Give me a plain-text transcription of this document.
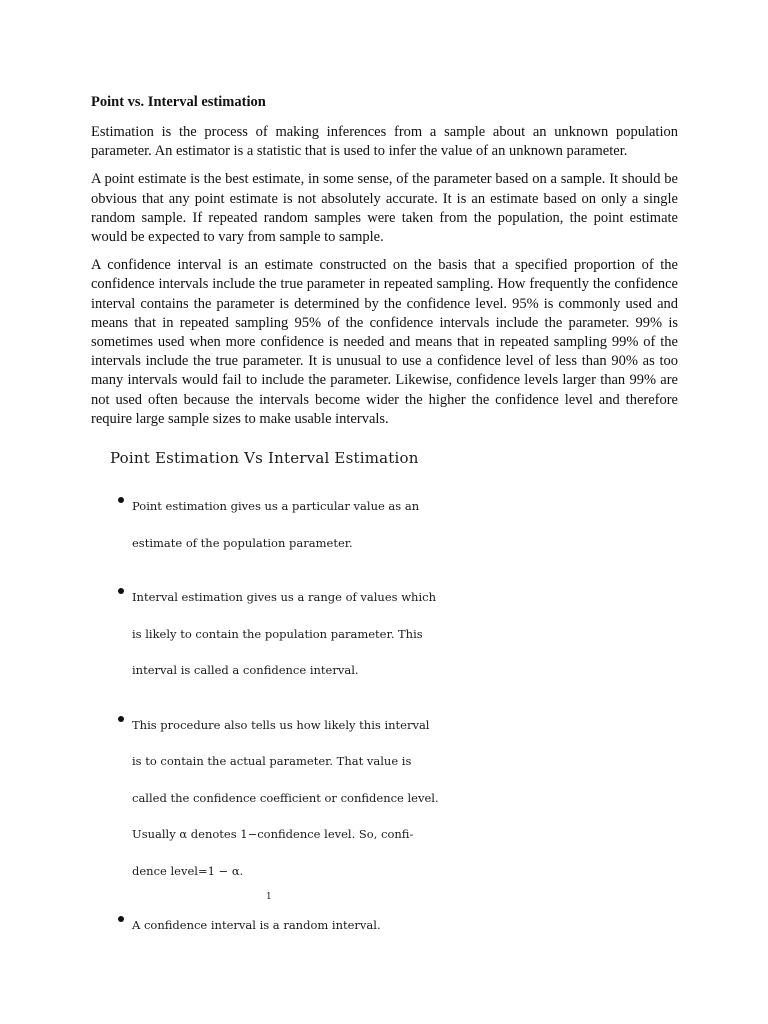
Point vs. Interval estimation

Estimation is the process of making inferences from a sample about an unknown population parameter. An estimator is a statistic that is used to infer the value of an unknown parameter.

A point estimate is the best estimate, in some sense, of the parameter based on a sample. It should be obvious that any point estimate is not absolutely accurate. It is an estimate based on only a single random sample. If repeated random samples were taken from the population, the point estimate would be expected to vary from sample to sample.

A confidence interval is an estimate constructed on the basis that a specified proportion of the confidence intervals include the true parameter in repeated sampling. How frequently the confidence interval contains the parameter is determined by the confidence level. 95% is commonly used and means that in repeated sampling 95% of the confidence intervals include the parameter. 99% is sometimes used when more confidence is needed and means that in repeated sampling 99% of the intervals include the true parameter. It is unusual to use a confidence level of less than 90% as too many intervals would fail to include the parameter. Likewise, confidence levels larger than 99% are not used often because the intervals become wider the higher the confidence level and therefore require large sample sizes to make usable intervals.

Point Estimation Vs Interval Estimation
Point estimation gives us a particular value as an
estimate of the population parameter.
Interval estimation gives us a range of values which
is likely to contain the population parameter. This
interval is called a confidence interval.
This procedure also tells us how likely this interval
is to contain the actual parameter. That value is
called the confidence coefficient or confidence level.
Usually α denotes 1−confidence level. So, confi-
dence level=1 − α.
A confidence interval is a random interval.
1
